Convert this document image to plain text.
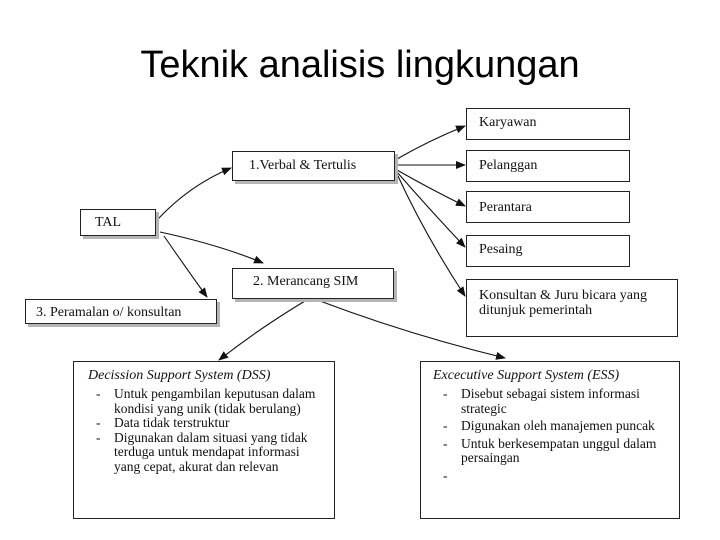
Teknik analisis lingkungan
TAL
1.Verbal & Tertulis
2. Merancang SIM
3. Peramalan o/ konsultan
Karyawan
Pelanggan
Perantara
Pesaing
Konsultan & Juru bicara yang ditunjuk pemerintah
Decission Support System (DSS)
- Untuk pengambilan keputusan dalam kondisi yang unik (tidak berulang)
- Data tidak terstruktur
- Digunakan dalam situasi yang tidak terduga untuk mendapat informasi yang cepat, akurat dan relevan
Excecutive Support System (ESS)
- Disebut sebagai sistem informasi strategic
- Digunakan oleh manajemen puncak
- Untuk berkesempatan unggul dalam persaingan
-
